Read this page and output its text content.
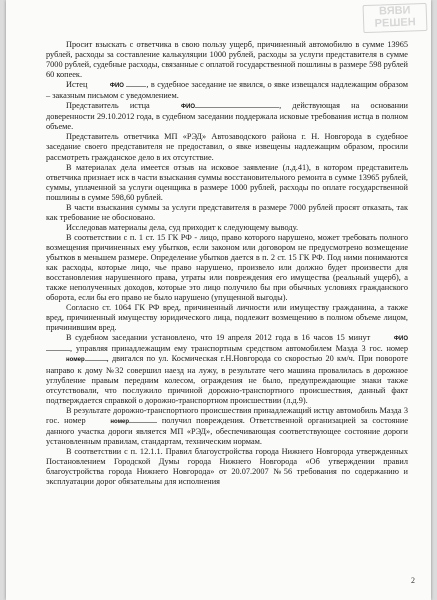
ВЯВИ РЕШЕН

Просит взыскать с ответчика в свою пользу ущерб, причиненный автомобилю в сумме 13965 рублей, расходы за составление калькуляции 1000 рублей, расходы за услуги представителя в сумме 7000 рублей, судебные расходы, связанные с оплатой государственной пошлины в размере 598 рублей 60 копеек.

Истец	ФИО	, в судебное заседание не явился, о явке извещался надлежащим образом – заказным письмом с уведомлением.

Представитель истца	ФИО	, действующая на основании доверенности 29.10.2012 года, в судебном заседании поддержала исковые требования истца в полном объеме.

Представитель ответчика МП «РЭД» Автозаводского района г. Н. Новгорода в судебное заседание своего представителя не предоставил, о явке извещены надлежащим образом, просили рассмотреть гражданское дело в их отсутствие.

В материалах дела имеется отзыв на исковое заявление (л.д.41), в котором представитель ответчика признает иск в части взыскания суммы восстановительного ремонта в сумме 13965 рублей, суммы, уплаченной за услуги оценщика в размере 1000 рублей, расходы по оплате государственной пошлины в сумме 598,60 рублей.

В части взыскания суммы за услуги представителя в размере 7000 рублей просят отказать, так как требование не обосновано.

Исследовав материалы дела, суд приходит к следующему выводу.

В соответствии с п. 1 ст. 15 ГК РФ - лицо, право которого нарушено, может требовать полного возмещения причиненных ему убытков, если законом или договором не предусмотрено возмещение убытков в меньшем размере. Определение убытков дается в п. 2 ст. 15 ГК РФ. Под ними понимаются как расходы, которые лицо, чье право нарушено, произвело или должно будет произвести для восстановления нарушенного права, утраты или повреждения его имущества (реальный ущерб), а также неполученных доходов, которые это лицо получило бы при обычных условиях гражданского оборота, если бы его право не было нарушено (упущенной выгоды).

Согласно ст. 1064 ГК РФ вред, причиненный личности или имуществу гражданина, а также вред, причиненный имуществу юридического лица, подлежит возмещению в полном объеме лицом, причинившим вред.

В судебном заседании установлено, что 19 апреля 2012 года в 16 часов 15 минут	ФИО, управляя принадлежащим ему транспортным средством автомобилем Мазда 3 гос. номер номер	, двигался по ул. Космическая г.Н.Новгорода со скоростью 20 км/ч. При повороте направо к дому №32 совершил наезд на лужу, в результате чего машина провалилась в дорожное углубление правым передним колесом, ограждения не было, предупреждающие знаки также отсутствовали, что послужило причиной дорожно-транспортного происшествия, данный факт подтверждается справкой о дорожно-транспортном происшествии (л.д.9).

В результате дорожно-транспортного происшествия принадлежащий истцу автомобиль Мазда 3 гос. номер	номер	получил повреждения. Ответственной организацией за состояние данного участка дороги является МП «РЭД», обеспечивающая соответствующее состояние дороги установленным правилам, стандартам, техническим нормам.

В соответствии с п. 12.1.1. Правил благоустройства города Нижнего Новгорода утвержденных Постановлением Городской Думы города Нижнего Новгорода «Об утверждении правил благоустройства города Нижнего Новгорода» от 20.07.2007 №56 требования по содержанию и эксплуатации дорог обязательны для исполнения

2
